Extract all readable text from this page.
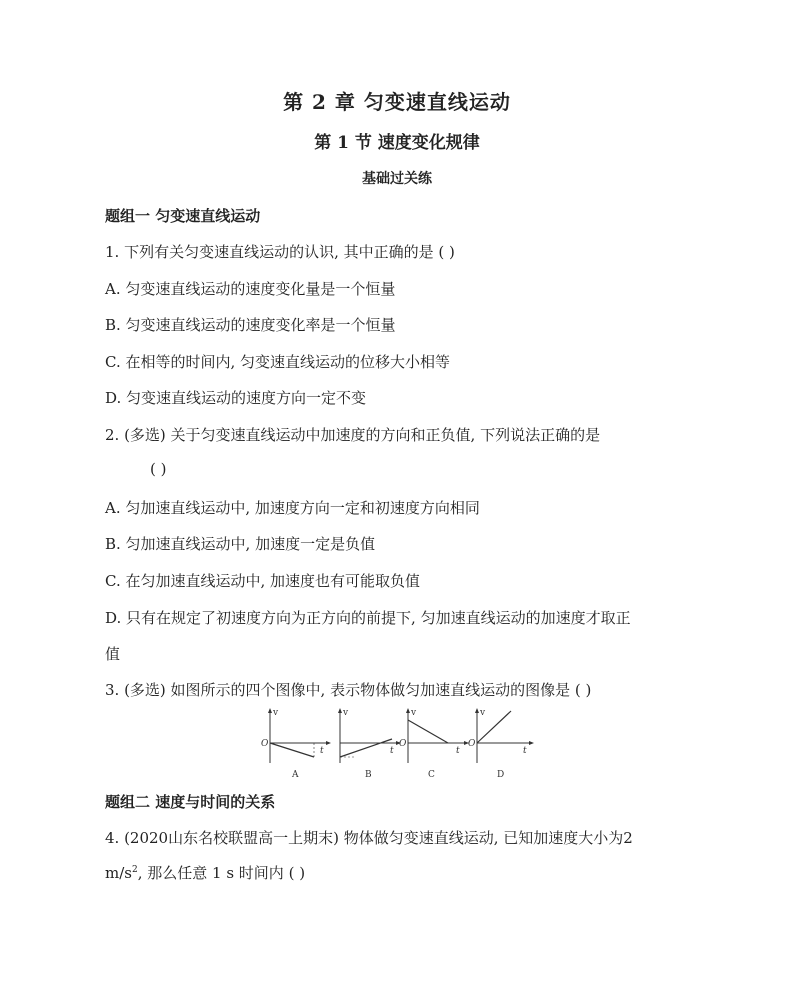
第 2 章 匀变速直线运动
第 1 节 速度变化规律
基础过关练
题组一 匀变速直线运动
1. 下列有关匀变速直线运动的认识, 其中正确的是 ( )
A. 匀变速直线运动的速度变化量是一个恒量
B. 匀变速直线运动的速度变化率是一个恒量
C. 在相等的时间内, 匀变速直线运动的位移大小相等
D. 匀变速直线运动的速度方向一定不变
2. (多选) 关于匀变速直线运动中加速度的方向和正负值, 下列说法正确的是
( )
A. 匀加速直线运动中, 加速度方向一定和初速度方向相同
B. 匀加速直线运动中, 加速度一定是负值
C. 在匀加速直线运动中, 加速度也有可能取负值
D. 只有在规定了初速度方向为正方向的前提下, 匀加速直线运动的加速度才取正
值
3. (多选) 如图所示的四个图像中, 表示物体做匀加速直线运动的图像是 ( )
v
O
t
A
v
t
B
v
O
t
C
v
O
t
D
题组二 速度与时间的关系
4. (2020山东名校联盟高一上期末) 物体做匀变速直线运动, 已知加速度大小为2
$m/s^2$, 那么任意 1 s 时间内 ( )
